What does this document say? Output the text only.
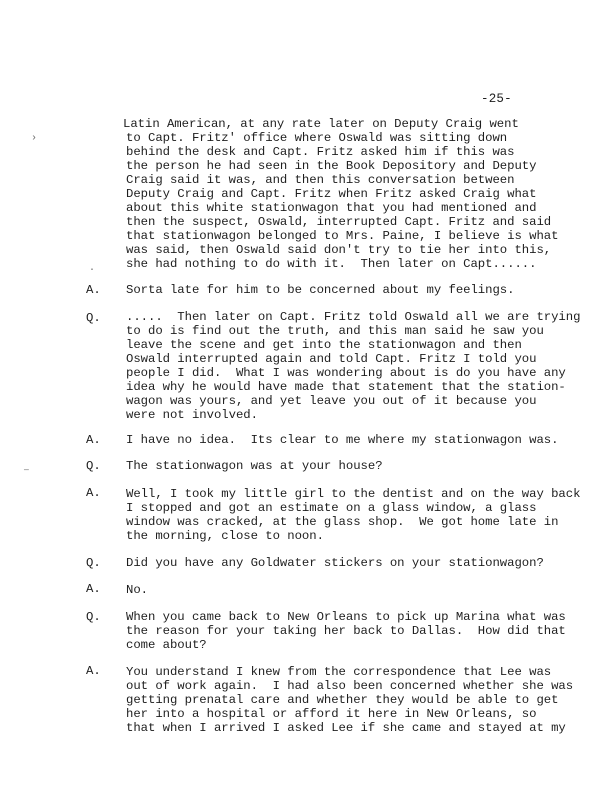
-25-
Latin American, at any rate later on Deputy Craig went
to Capt. Fritz' office where Oswald was sitting down
behind the desk and Capt. Fritz asked him if this was
the person he had seen in the Book Depository and Deputy
Craig said it was, and then this conversation between
Deputy Craig and Capt. Fritz when Fritz asked Craig what
about this white stationwagon that you had mentioned and
then the suspect, Oswald, interrupted Capt. Fritz and said
that stationwagon belonged to Mrs. Paine, I believe is what
was said, then Oswald said don't try to tie her into this,
she had nothing to do with it.  Then later on Capt......
A. Sorta late for him to be concerned about my feelings.
Q. .....  Then later on Capt. Fritz told Oswald all we are trying
to do is find out the truth, and this man said he saw you
leave the scene and get into the stationwagon and then
Oswald interrupted again and told Capt. Fritz I told you
people I did.  What I was wondering about is do you have any
idea why he would have made that statement that the station-
wagon was yours, and yet leave you out of it because you
were not involved.
A. I have no idea.  Its clear to me where my stationwagon was.
Q. The stationwagon was at your house?
A. Well, I took my little girl to the dentist and on the way back
I stopped and got an estimate on a glass window, a glass
window was cracked, at the glass shop.  We got home late in
the morning, close to noon.
Q. Did you have any Goldwater stickers on your stationwagon?
A. No.
Q. When you came back to New Orleans to pick up Marina what was
the reason for your taking her back to Dallas.  How did that
come about?
A. You understand I knew from the correspondence that Lee was
out of work again.  I had also been concerned whether she was
getting prenatal care and whether they would be able to get
her into a hospital or afford it here in New Orleans, so
that when I arrived I asked Lee if she came and stayed at my
›
·
—
